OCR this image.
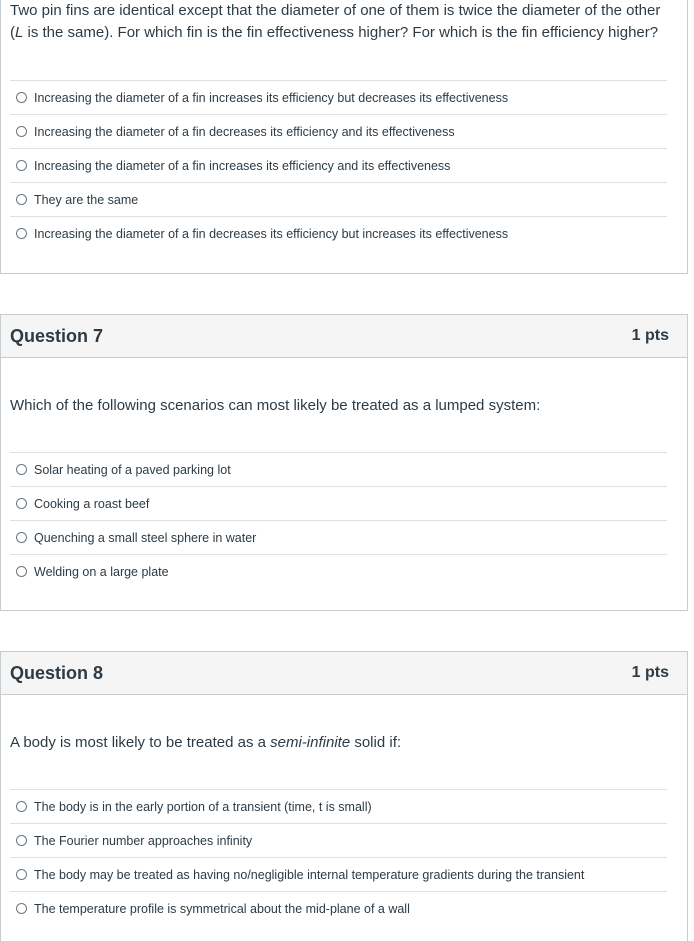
Two pin fins are identical except that the diameter of one of them is twice the diameter of the other
(L is the same). For which fin is the fin effectiveness higher? For which is the fin efficiency higher?
Increasing the diameter of a fin increases its efficiency but decreases its effectiveness
Increasing the diameter of a fin decreases its efficiency and its effectiveness
Increasing the diameter of a fin increases its efficiency and its effectiveness
They are the same
Increasing the diameter of a fin decreases its efficiency but increases its effectiveness
Question 7	1 pts
Which of the following scenarios can most likely be treated as a lumped system:
Solar heating of a paved parking lot
Cooking a roast beef
Quenching a small steel sphere in water
Welding on a large plate
Question 8	1 pts
A body is most likely to be treated as a semi-infinite solid if:
The body is in the early portion of a transient (time, t is small)
The Fourier number approaches infinity
The body may be treated as having no/negligible internal temperature gradients during the transient
The temperature profile is symmetrical about the mid-plane of a wall
